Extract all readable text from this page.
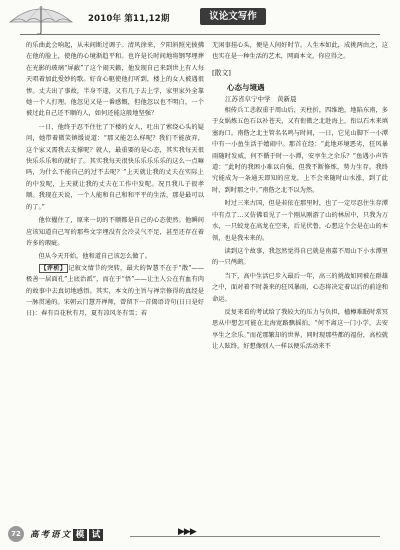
2010年 第11,12期	议论文写作

的乐曲此会响起，从未间断过调子。清风徐来，夕阳斜照光披拂在他的脸上，使他的心境渐趋平和。也许是长时间地将钢琴埋葬在光影的玻璃“屏蔽”了这个闹天籁，他发现自己来到世上有人每天唱着加此爱妙的歌。好奇心驱使他打听到，楼上的女人被遇很惨。丈夫出了事故，半身不遂，又有几子去上学，家里家外全靠她一个人打理。他忽见又是一番感慨，但他忽以也不明白，一个被过此自己还不顺的人，如何还能这般地坚强？

一日，他终于忍不住往了下楼的女人，吐出了萦绕心头的疑问，她带着微笑镇缓说道：“那又能怎么样呢？我们不能放弃，这个家又需我去支撑呢？就人，最重要的是心态，其实我每天很快乐乐乐和的就好了。其实我每天很快乐乐乐乐乐的这么一点嘛吗，为什么不能自己的过不去呢？”上天就让我的丈夫在实际上的中发呢，上天就让我的丈夫在工作中发呢。况且我儿子很孝顺。我现在天说，一个人能和自己和和平平的生活，那是最可以的了。”

他位擢住了，原来一切的不顺都是自己的心态使然。他瞬间应该知道自己写的那些文字埋没有会冷灵气不足，甚至还存在着许多的瑕疵。

但从今天开始，他和道自己该怎么做了。

【评析】 记叙文情节的突转，最大的智慧不在于“散”——极善一层面孔”上底治派”，而在于“悟”——让主人公在有血有肉的故事中去真切地感悟。其实，本文的主旨与禅宗修得的真经是一脉贯通的。宋朝云门慧开禅师，曾留下一首偈语诗句(日日是好日)：春有百花秋有月，夏有凉风冬有雪；若

无闲事挂心头，便是人间好时节。人生本如此，成挑两由之，这也实在是一种生活的艺术，网面本文，你应得之。

[散文]

心态与境遇

江苏省阜宁中学　黄新晨

相传兵工悲叙重于周山后，天柱折，四维绝，地陷东南，多于女娲炼五色石以补苍天，又有衔微之北赴海上，衔以石木来填塞海口。南偕之北主管名名鸣与时间，一日，它见山脚下一小潭中有一小鱼生活于嬉闹中。那首在经：“此地环境恶劣，狂风暴雨随时发威，何不循于时一小潭，安享生之余乐？”鱼遇小声答道：“此时的我困小难以自强，但我不断修炼，势力生存。我终究能成为一条通天即知的应龙，上不会来随时山水涨，到了此时，到时那之中。”南偕之北不以为然。

时过三来古国，但是若依在那里时，也了一定尽忍住生存潭中有点了…又仿佛看见了一个刚从刚游了山的林居中，只我为万水，一只蛟龙在高龙在空来，后见伏鲁，心想这个会是在山的本领，也是我未来的。

读到这个故事，我忽然觉得自已就是南嘉不周山下小水潭里的一只鸬鹚。

当下，高中生活已步入最后一年，高三的挑战如同被在群雄之中，面对着不时袭来的狂风暴雨，心态将决定着以后的前途和命运。

反复来看的考试给了我较大的压力与负担，楹樽难眠时常冥思从中想怎可能在北海宽路飘摇拍，“何不离这一门小学，去安享生之余乐。”而花那繁却的世界，同时现那些都的福份，高校就让人眩终。好想像别人一样以便乐活动来不

72	高考语文 模 试	▶▶▶
